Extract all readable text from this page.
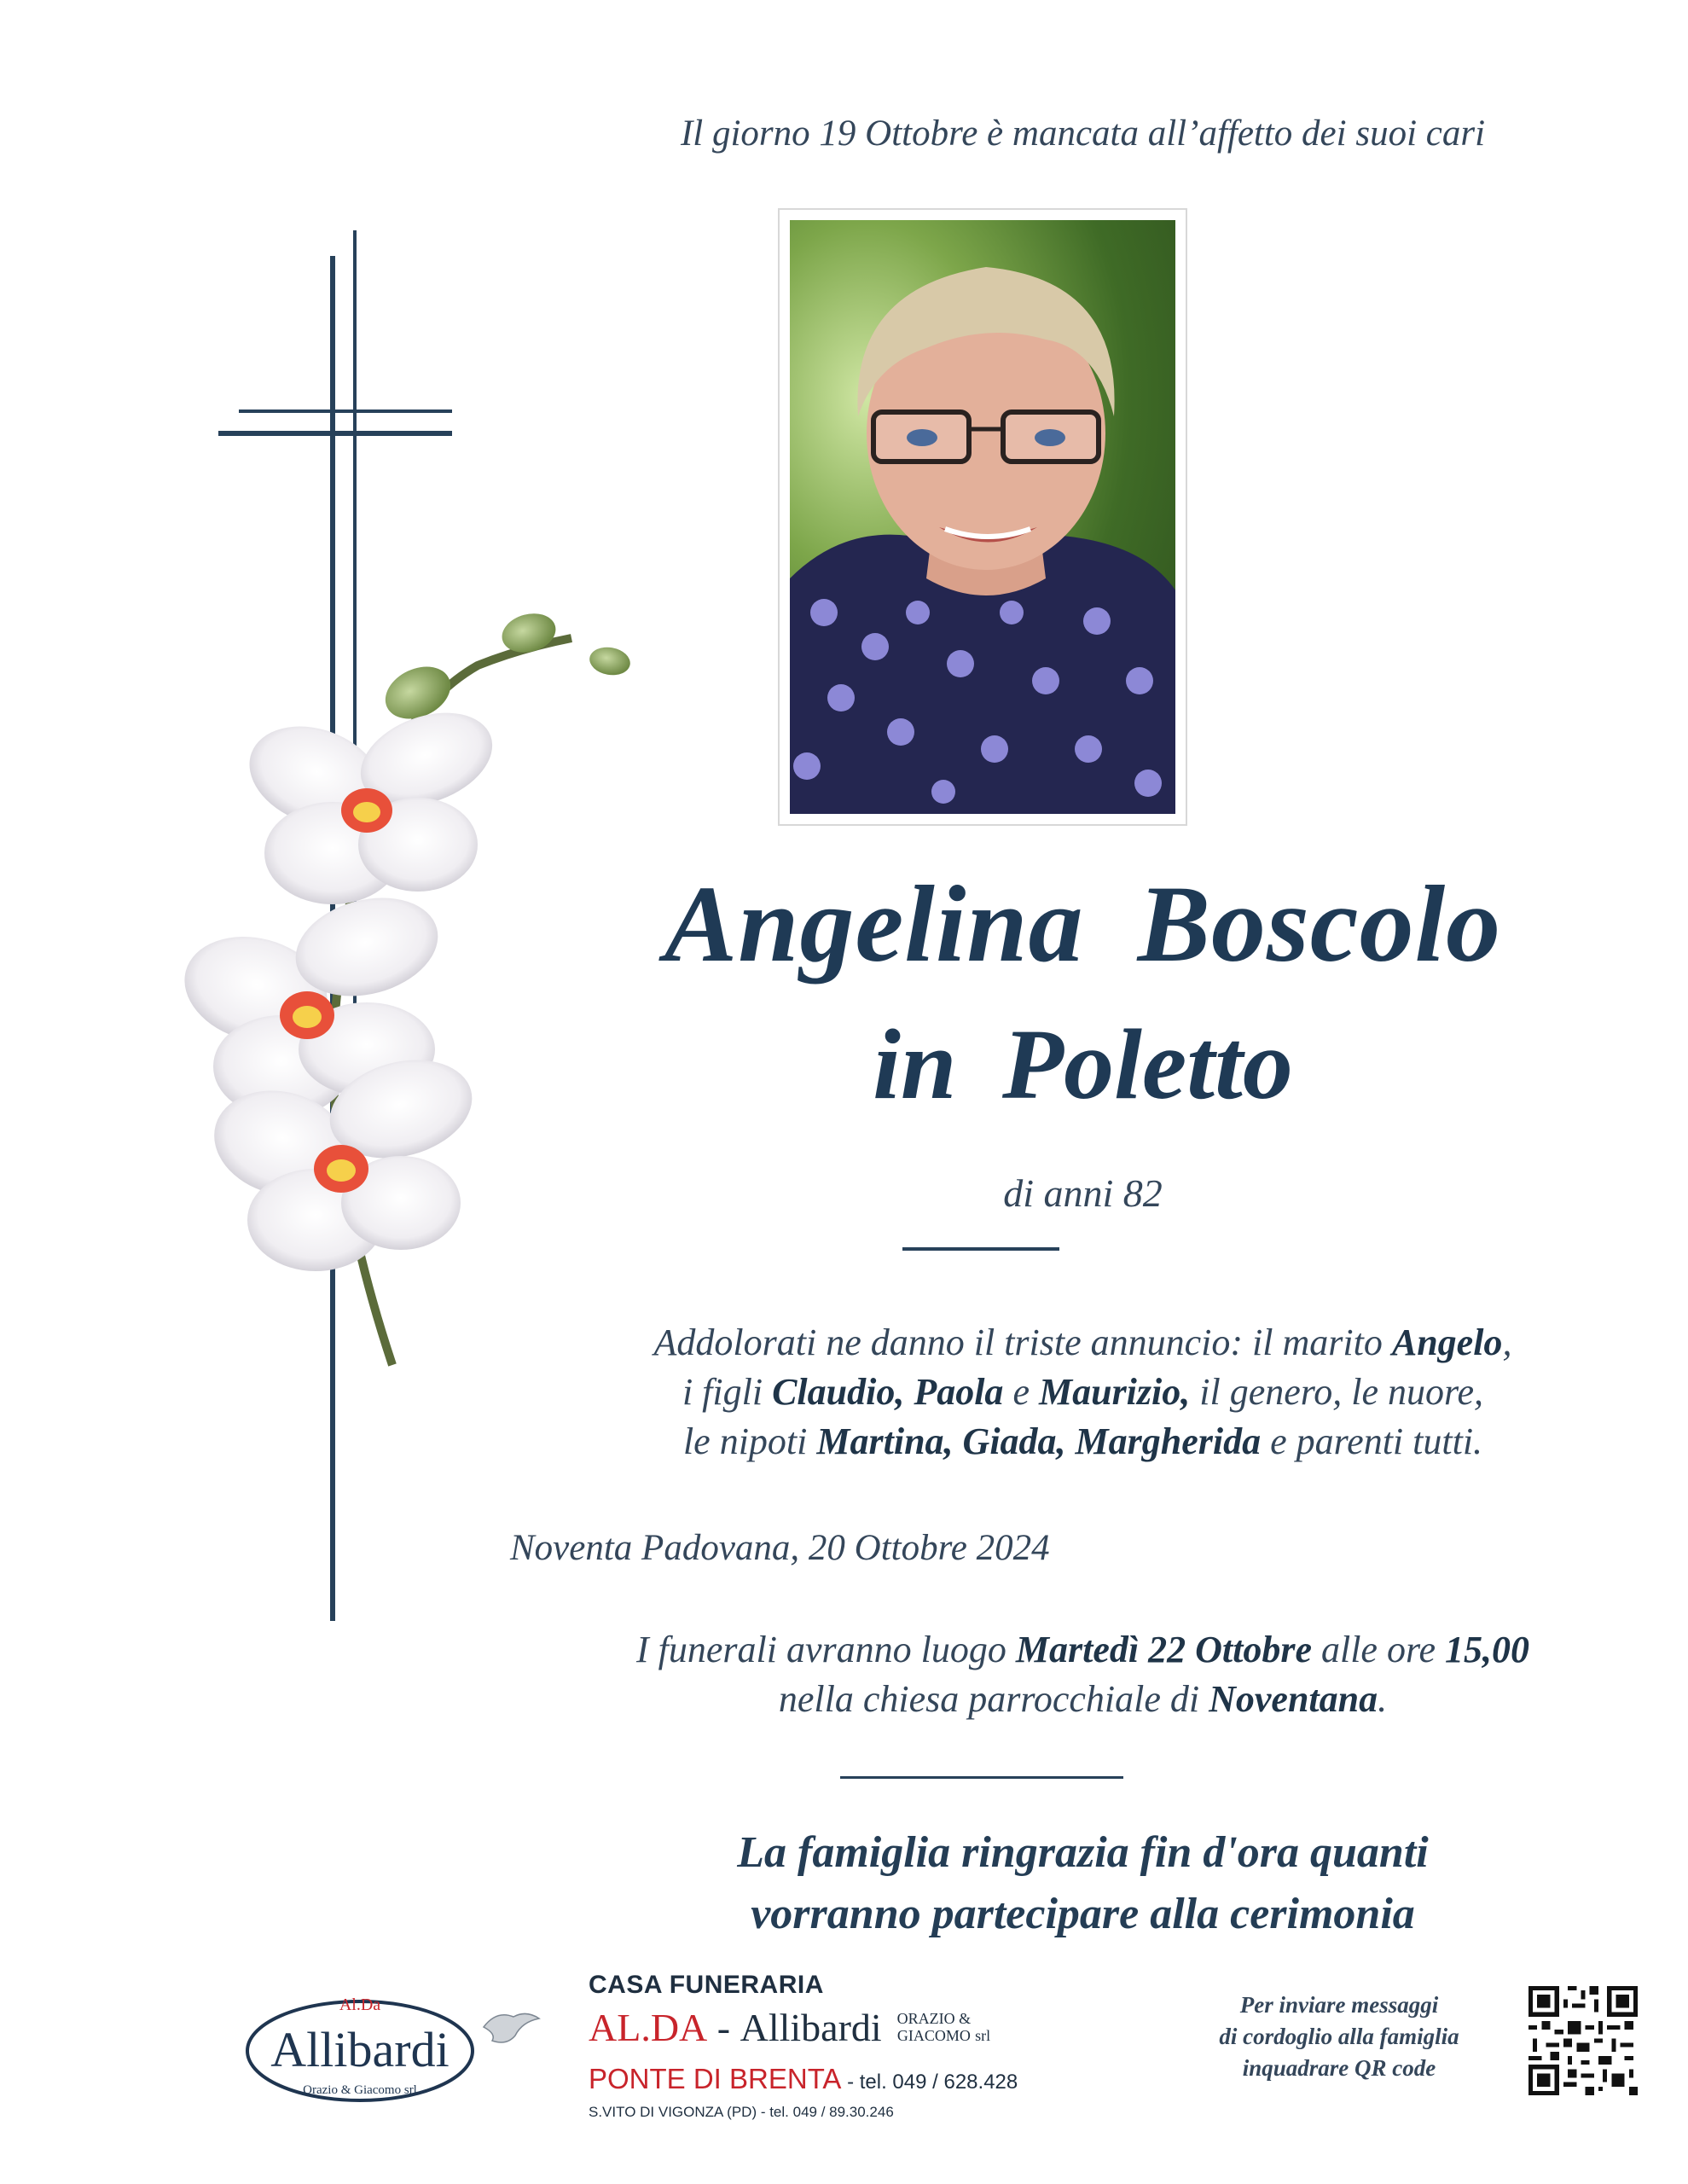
Il giorno 19 Ottobre è mancata all’affetto dei suoi cari
Angelina Boscolo
in Poletto
di anni 82
Addolorati ne danno il triste annuncio: il marito Angelo,
i figli Claudio, Paola e Maurizio, il genero, le nuore,
le nipoti Martina, Giada, Margherida e parenti tutti.
Noventa Padovana, 20 Ottobre 2024
I funerali avranno luogo Martedì 22 Ottobre alle ore 15,00
nella chiesa parrocchiale di Noventana.
La famiglia ringrazia fin d'ora quanti
vorranno partecipare alla cerimonia
Al.Da
Allibardi
Orazio & Giacomo srl
CASA FUNERARIA
AL.DA - Allibardi ORAZIO &
GIACOMO srl
PONTE DI BRENTA - tel. 049 / 628.428
S.VITO DI VIGONZA (PD) - tel. 049 / 89.30.246
Per inviare messaggi
di cordoglio alla famiglia
inquadrare QR code
